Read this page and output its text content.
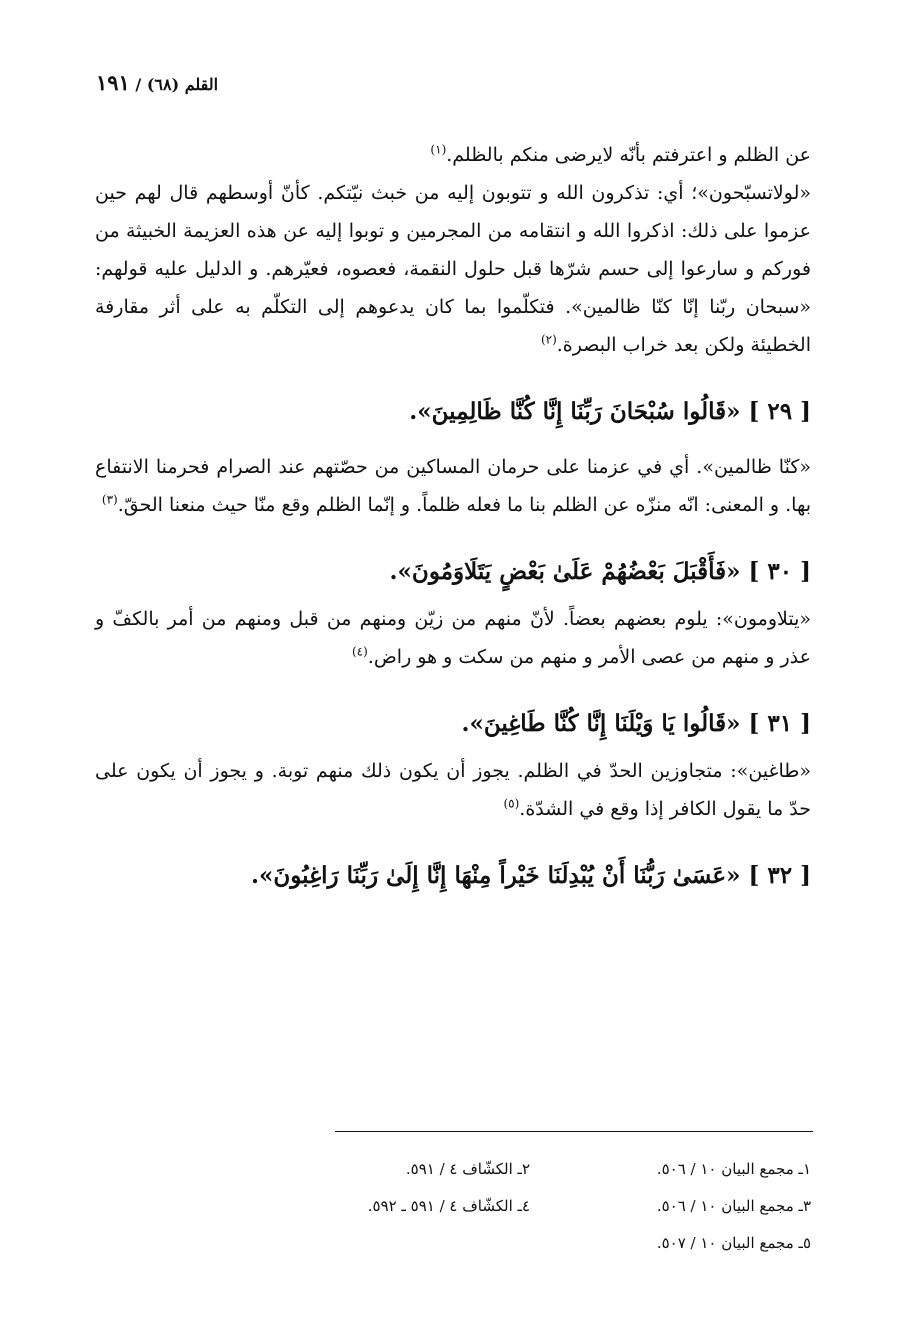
القلم (٦٨) / ١٩١

عن الظلم و اعترفتم بأنّه لايرضى منكم بالظلم.$^{(١)}$

«لولاتسبّحون»؛ أي: تذكرون الله و تتوبون إليه من خبث نيّتكم. كأنّ أوسطهم قال لهم حين عزموا على ذلك: اذكروا الله و انتقامه من المجرمين و توبوا إليه عن هذه العزيمة الخبيثة من فوركم و سارعوا إلى حسم شرّها قبل حلول النقمة، فعصوه، فعيّرهم. و الدليل عليه قولهم: «سبحان ربّنا إنّا كنّا ظالمين». فتكلّموا بما كان يدعوهم إلى التكلّم به على أثر مقارفة الخطيئة ولكن بعد خراب البصرة.$^{(٢)}$

[ ٢٩ ] «قَالُوا سُبْحَانَ رَبِّنَا إِنَّا كُنَّا ظَالِمِينَ».

«كنّا ظالمين». أي في عزمنا على حرمان المساكين من حصّتهم عند الصرام فحرمنا الانتفاع بها. و المعنى: انّه منزّه عن الظلم بنا ما فعله ظلماً. و إنّما الظلم وقع منّا حيث منعنا الحقّ.$^{(٣)}$

[ ٣٠ ] «فَأَقْبَلَ بَعْضُهُمْ عَلَىٰ بَعْضٍ يَتَلَاوَمُونَ».

«يتلاومون»: يلوم بعضهم بعضاً. لأنّ منهم من زيّن ومنهم من قبل ومنهم من أمر بالكفّ و عذر و منهم من عصى الأمر و منهم من سكت و هو راض.$^{(٤)}$

[ ٣١ ] «قَالُوا يَا وَيْلَنَا إِنَّا كُنَّا طَاغِينَ».

«طاغين»: متجاوزين الحدّ في الظلم. يجوز أن يكون ذلك منهم توبة. و يجوز أن يكون على حدّ ما يقول الكافر إذا وقع في الشدّة.$^{(٥)}$

[ ٣٢ ] «عَسَىٰ رَبُّنَا أَنْ يُبْدِلَنَا خَيْراً مِنْهَا إِنَّا إِلَىٰ رَبِّنَا رَاغِبُونَ».

١ـ مجمع البيان ١٠ / ٥٠٦.
٢ـ الكشّاف ٤ / ٥٩١.
٣ـ مجمع البيان ١٠ / ٥٠٦.
٤ـ الكشّاف ٤ / ٥٩١ ـ ٥٩٢.
٥ـ مجمع البيان ١٠ / ٥٠٧.
